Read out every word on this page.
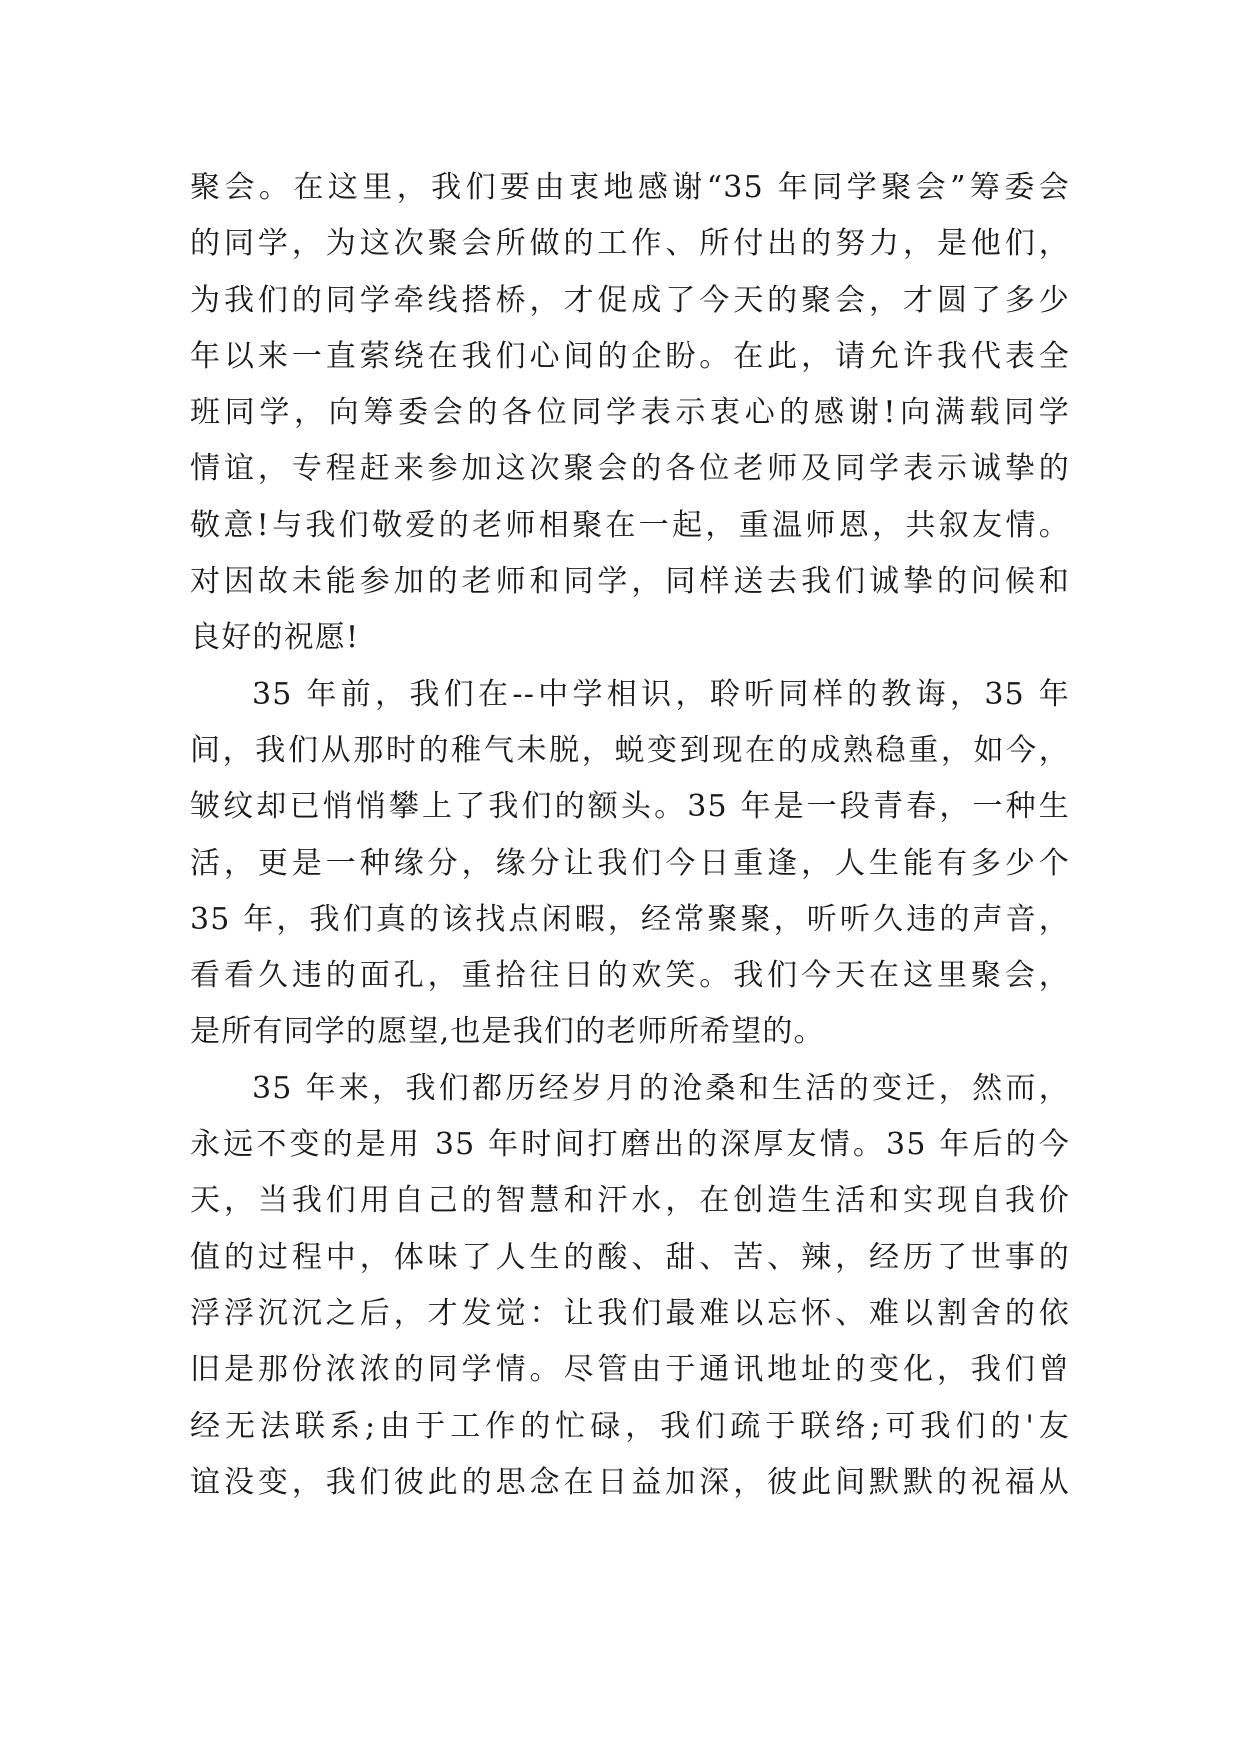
聚会。在这里，我们要由衷地感谢“35 年同学聚会”筹委会
的同学，为这次聚会所做的工作、所付出的努力，是他们，
为我们的同学牵线搭桥，才促成了今天的聚会，才圆了多少
年以来一直萦绕在我们心间的企盼。在此，请允许我代表全
班同学，向筹委会的各位同学表示衷心的感谢!向满载同学
情谊，专程赶来参加这次聚会的各位老师及同学表示诚挚的
敬意!与我们敬爱的老师相聚在一起，重温师恩，共叙友情。
对因故未能参加的老师和同学，同样送去我们诚挚的问候和
良好的祝愿!
35 年前，我们在--中学相识，聆听同样的教诲，35 年
间，我们从那时的稚气未脱，蜕变到现在的成熟稳重，如今，
皱纹却已悄悄攀上了我们的额头。35 年是一段青春，一种生
活，更是一种缘分，缘分让我们今日重逢，人生能有多少个
35 年，我们真的该找点闲暇，经常聚聚，听听久违的声音，
看看久违的面孔，重拾往日的欢笑。我们今天在这里聚会，
是所有同学的愿望,也是我们的老师所希望的。
35 年来，我们都历经岁月的沧桑和生活的变迁，然而，
永远不变的是用 35 年时间打磨出的深厚友情。35 年后的今
天，当我们用自己的智慧和汗水，在创造生活和实现自我价
值的过程中，体味了人生的酸、甜、苦、辣，经历了世事的
浮浮沉沉之后，才发觉：让我们最难以忘怀、难以割舍的依
旧是那份浓浓的同学情。尽管由于通讯地址的变化，我们曾
经无法联系;由于工作的忙碌，我们疏于联络;可我们的'友
谊没变，我们彼此的思念在日益加深，彼此间默默的祝福从
